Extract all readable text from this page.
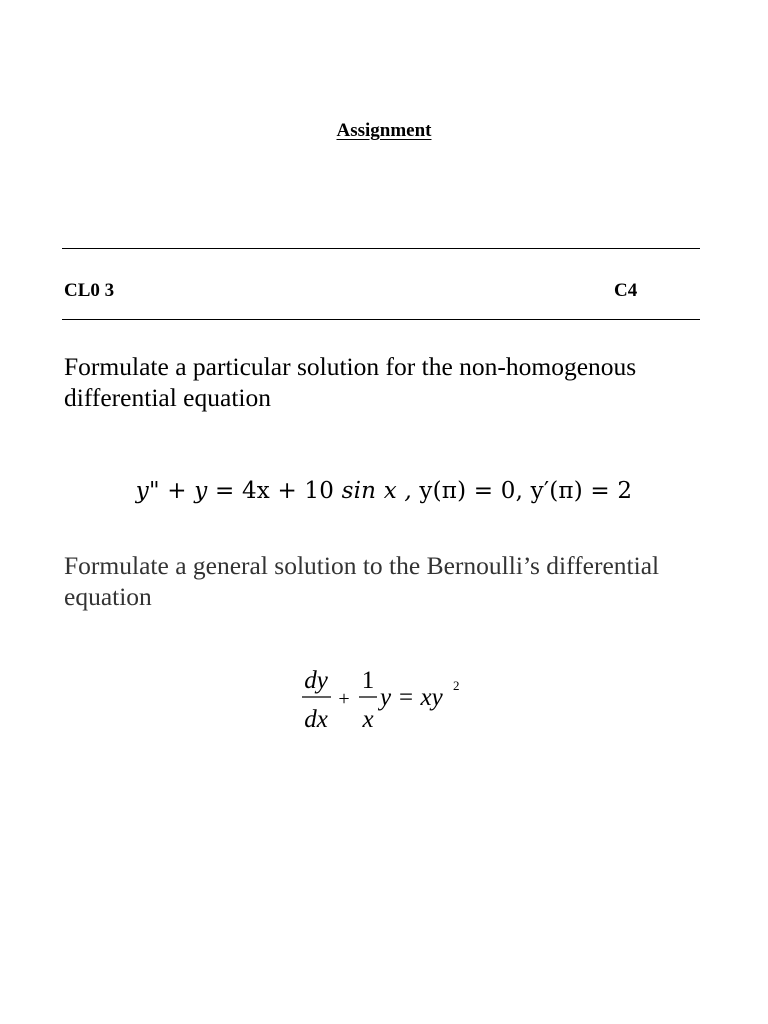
Assignment
CL0 3	C4
Formulate a particular solution for the non-homogenous differential equation
y" + y = 4x + 10 sin x , y(π) = 0, y′(π) = 2
Formulate a general solution to the Bernoulli’s differential equation
dy
dx
+
1
x
y = xy 2
